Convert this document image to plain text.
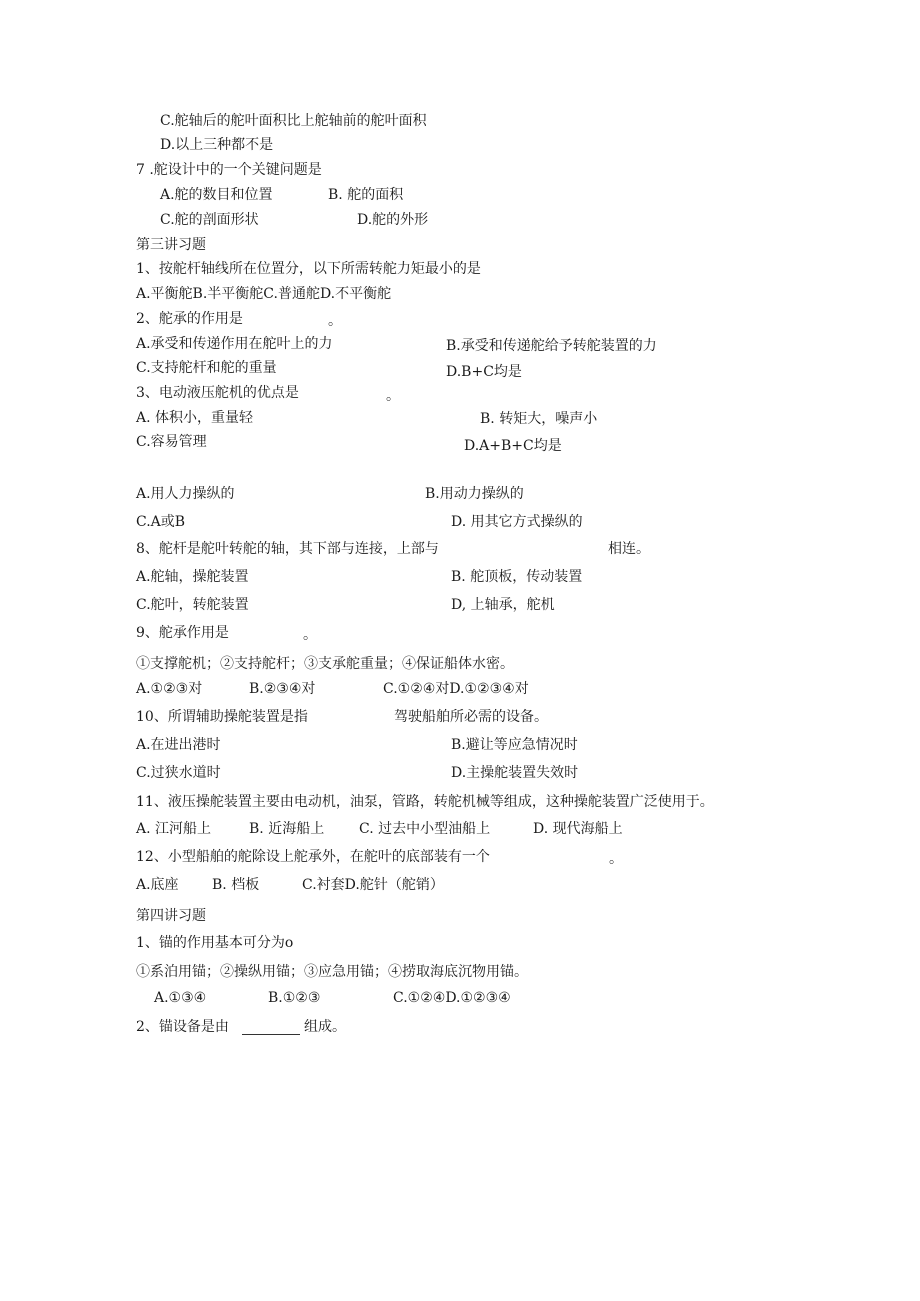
C.舵轴后的舵叶面积比上舵轴前的舵叶面积
D.以上三种都不是
7 .舵设计中的一个关键问题是
A.舵的数目和位置	B. 舵的面积
C.舵的剖面形状	D.舵的外形
第三讲习题
1、按舵杆轴线所在位置分，以下所需转舵力矩最小的是
A.平衡舵B.半平衡舵C.普通舵D.不平衡舵
2、舵承的作用是	。
A.承受和传递作用在舵叶上的力	B.承受和传递舵给予转舵装置的力
C.支持舵杆和舵的重量	D.B+C均是
3、电动液压舵机的优点是	。
A. 体积小，重量轻	B. 转矩大，噪声小
C.容易管理	D.A+B+C均是
A.用人力操纵的	B.用动力操纵的
C.A或B	D. 用其它方式操纵的
8、舵杆是舵叶转舵的轴，其下部与连接，上部与	相连。
A.舵轴，操舵装置	B. 舵顶板，传动装置
C.舵叶，转舵装置	D, 上轴承，舵机
9、舵承作用是	。
①支撑舵机；②支持舵杆；③支承舵重量；④保证船体水密。
A.①②③对	B.②③④对	C.①②④对D.①②③④对
10、所谓辅助操舵装置是指	驾驶船舶所必需的设备。
A.在进出港时	B.避让等应急情况时
C.过狭水道时	D.主操舵装置失效时
11、液压操舵装置主要由电动机，油泵，管路，转舵机械等组成，这种操舵装置广泛使用于。
A. 江河船上	B. 近海船上 C. 过去中小型油船上	D. 现代海船上
12、小型船舶的舵除设上舵承外，在舵叶的底部装有一个	。
A.底座 B. 档板	C.衬套D.舵针（舵销）
第四讲习题
1、锚的作用基本可分为o
①系泊用锚；②操纵用锚；③应急用锚；④捞取海底沉物用锚。
A.①③④	B.①②③	C.①②④D.①②③④
2、锚设备是由	组成。
